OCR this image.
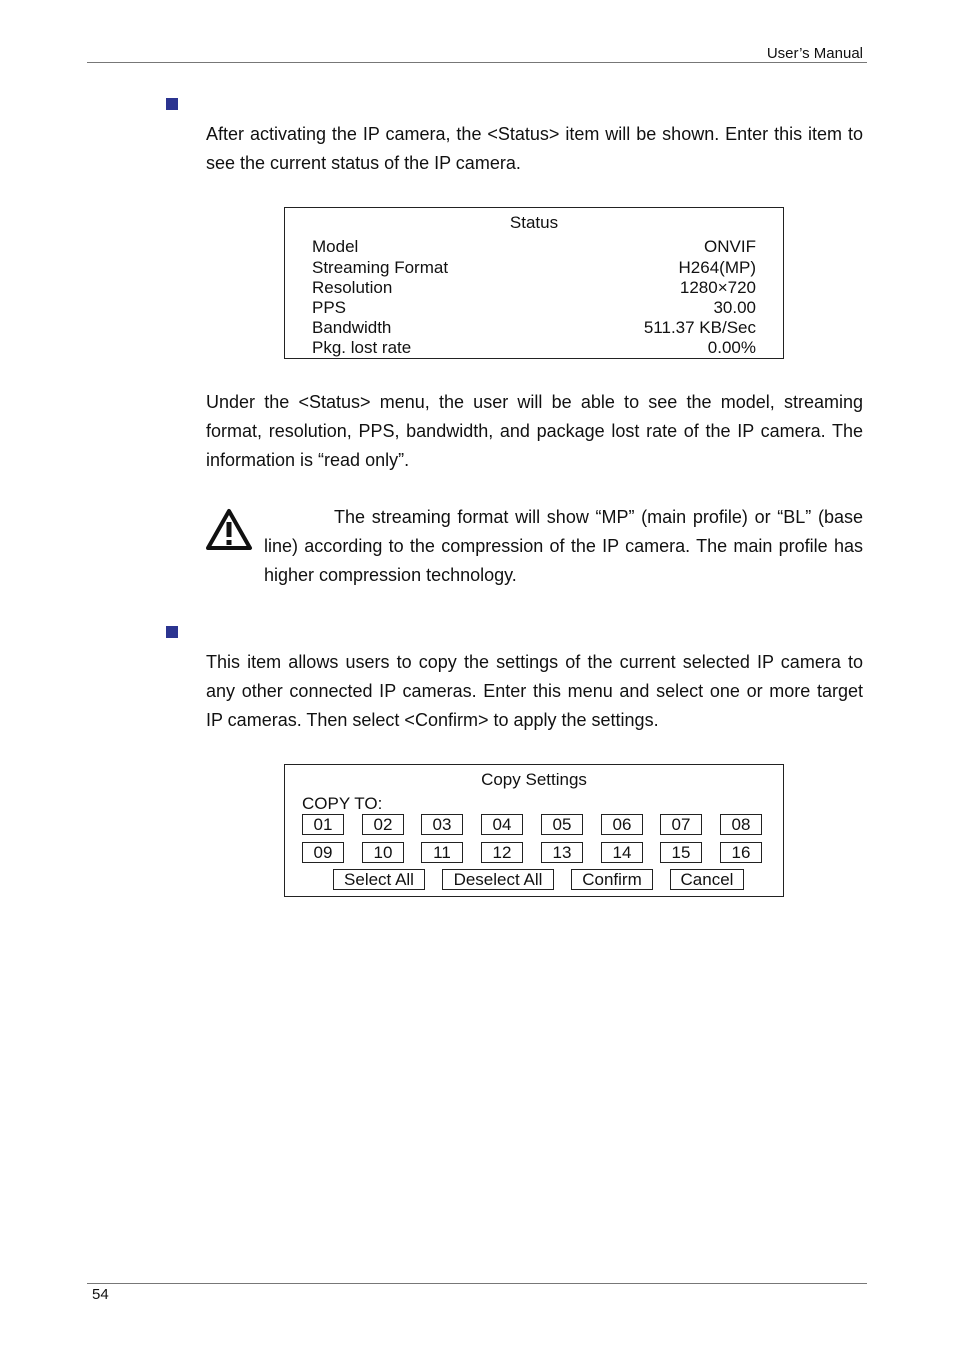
User’s Manual
After activating the IP camera, the <Status> item will be shown. Enter this item to see the current status of the IP camera.
Status
Model	ONVIF
Streaming Format	H264(MP)
Resolution	1280×720
PPS	30.00
Bandwidth	511.37 KB/Sec
Pkg. lost rate	0.00%
Under the <Status> menu, the user will be able to see the model, streaming format, resolution, PPS, bandwidth, and package lost rate of the IP camera. The information is “read only”.
The streaming format will show “MP” (main profile) or “BL” (base line) according to the compression of the IP camera. The main profile has higher compression technology.
This item allows users to copy the settings of the current selected IP camera to any other connected IP cameras. Enter this menu and select one or more target IP cameras. Then select <Confirm> to apply the settings.
Copy Settings
COPY TO:
01	02	03	04	05	06	07	08
09	10	11	12	13	14	15	16
Select All	Deselect All	Confirm	Cancel
54
